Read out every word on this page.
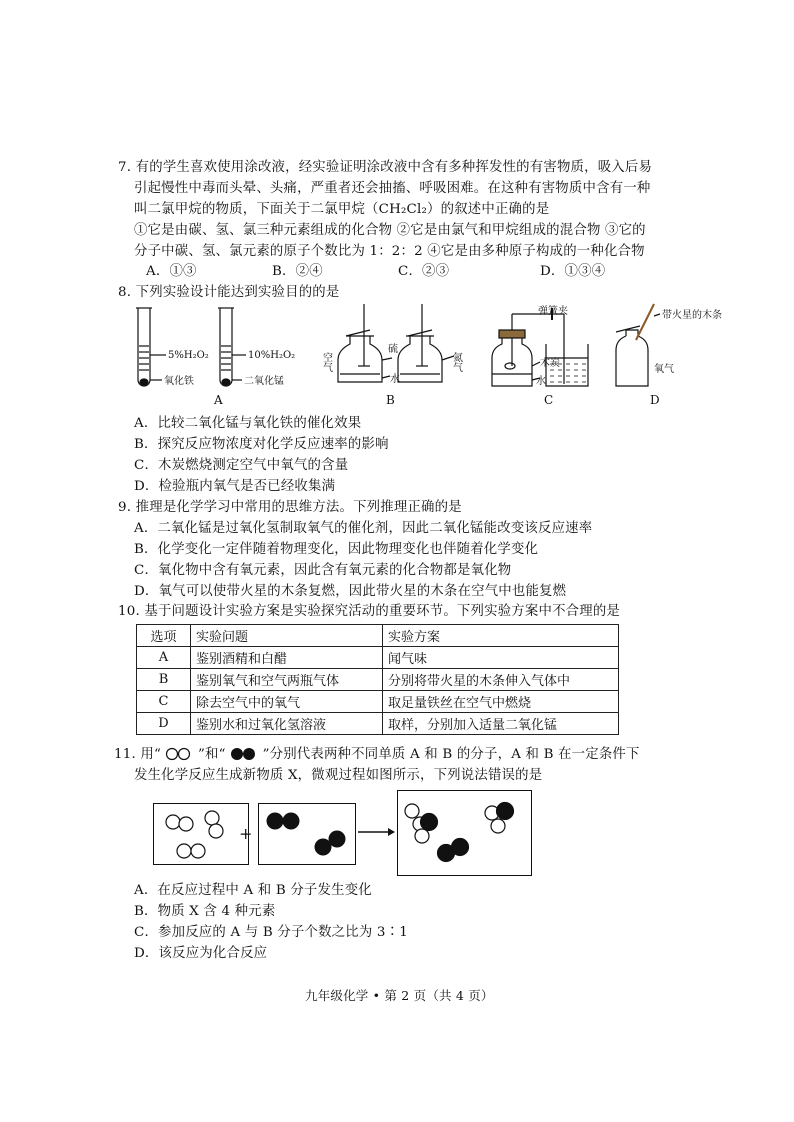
7. 有的学生喜欢使用涂改液，经实验证明涂改液中含有多种挥发性的有害物质，吸入后易
引起慢性中毒而头晕、头痛，严重者还会抽搐、呼吸困难。在这种有害物质中含有一种
叫二氯甲烷的物质，下面关于二氯甲烷（CH₂Cl₂）的叙述中正确的是
①它是由碳、氢、氯三种元素组成的化合物 ②它是由氯气和甲烷组成的混合物 ③它的
分子中碳、氢、氯元素的原子个数比为 1：2：2 ④它是由多种原子构成的一种化合物
A．①③	B．②④	C．②③	D．①③④
8. 下列实验设计能达到实验目的的是
5%H₂O₂
氧化铁
10%H₂O₂
二氧化锰
A
空气
硫
水
氮气
B
弹簧夹
木炭
水
C
带火星的木条
氧气
D
A．比较二氧化锰与氧化铁的催化效果
B．探究反应物浓度对化学反应速率的影响
C．木炭燃烧测定空气中氧气的含量
D．检验瓶内氧气是否已经收集满
9. 推理是化学学习中常用的思维方法。下列推理正确的是
A．二氧化锰是过氧化氢制取氧气的催化剂，因此二氧化锰能改变该反应速率
B．化学变化一定伴随着物理变化，因此物理变化也伴随着化学变化
C．氧化物中含有氧元素，因此含有氧元素的化合物都是氧化物
D．氧气可以使带火星的木条复燃，因此带火星的木条在空气中也能复燃
10. 基于问题设计实验方案是实验探究活动的重要环节。下列实验方案中不合理的是
选项	实验问题	实验方案
A	鉴别酒精和白醋	闻气味
B	鉴别氧气和空气两瓶气体	分别将带火星的木条伸入气体中
C	除去空气中的氧气	取足量铁丝在空气中燃烧
D	鉴别水和过氧化氢溶液	取样，分别加入适量二氧化锰
11. 用“	”和“	”分别代表两种不同单质 A 和 B 的分子，A 和 B 在一定条件下
发生化学反应生成新物质 X，微观过程如图所示，下列说法错误的是
+
A．在反应过程中 A 和 B 分子发生变化
B．物质 X 含 4 种元素
C．参加反应的 A 与 B 分子个数之比为 3∶1
D．该反应为化合反应
九年级化学 • 第 2 页（共 4 页）
